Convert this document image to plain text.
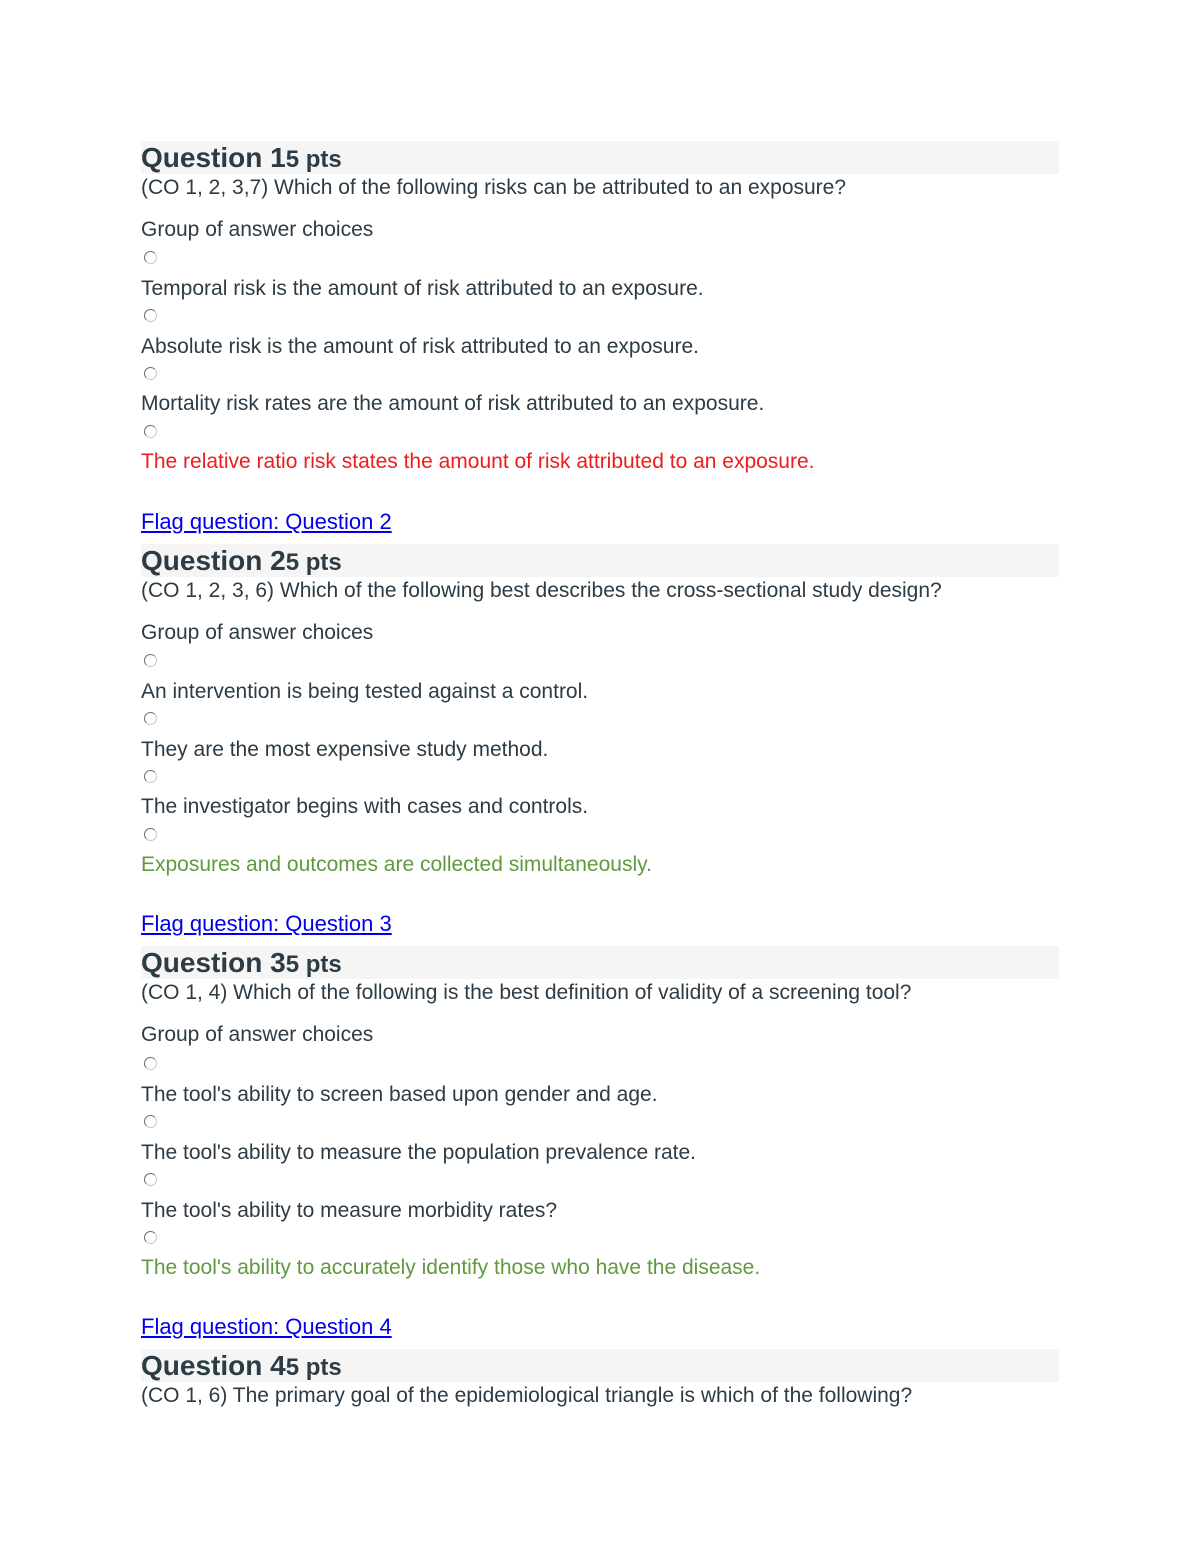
Question 15 pts
(CO 1, 2, 3,7) Which of the following risks can be attributed to an exposure?
Group of answer choices
Temporal risk is the amount of risk attributed to an exposure.
Absolute risk is the amount of risk attributed to an exposure.
Mortality risk rates are the amount of risk attributed to an exposure.
The relative ratio risk states the amount of risk attributed to an exposure.
Flag question: Question 2
Question 25 pts
(CO 1, 2, 3, 6) Which of the following best describes the cross-sectional study design?
Group of answer choices
An intervention is being tested against a control.
They are the most expensive study method.
The investigator begins with cases and controls.
Exposures and outcomes are collected simultaneously.
Flag question: Question 3
Question 35 pts
(CO 1, 4) Which of the following is the best definition of validity of a screening tool?
Group of answer choices
The tool's ability to screen based upon gender and age.
The tool's ability to measure the population prevalence rate.
The tool's ability to measure morbidity rates?
The tool's ability to accurately identify those who have the disease.
Flag question: Question 4
Question 45 pts
(CO 1, 6) The primary goal of the epidemiological triangle is which of the following?
